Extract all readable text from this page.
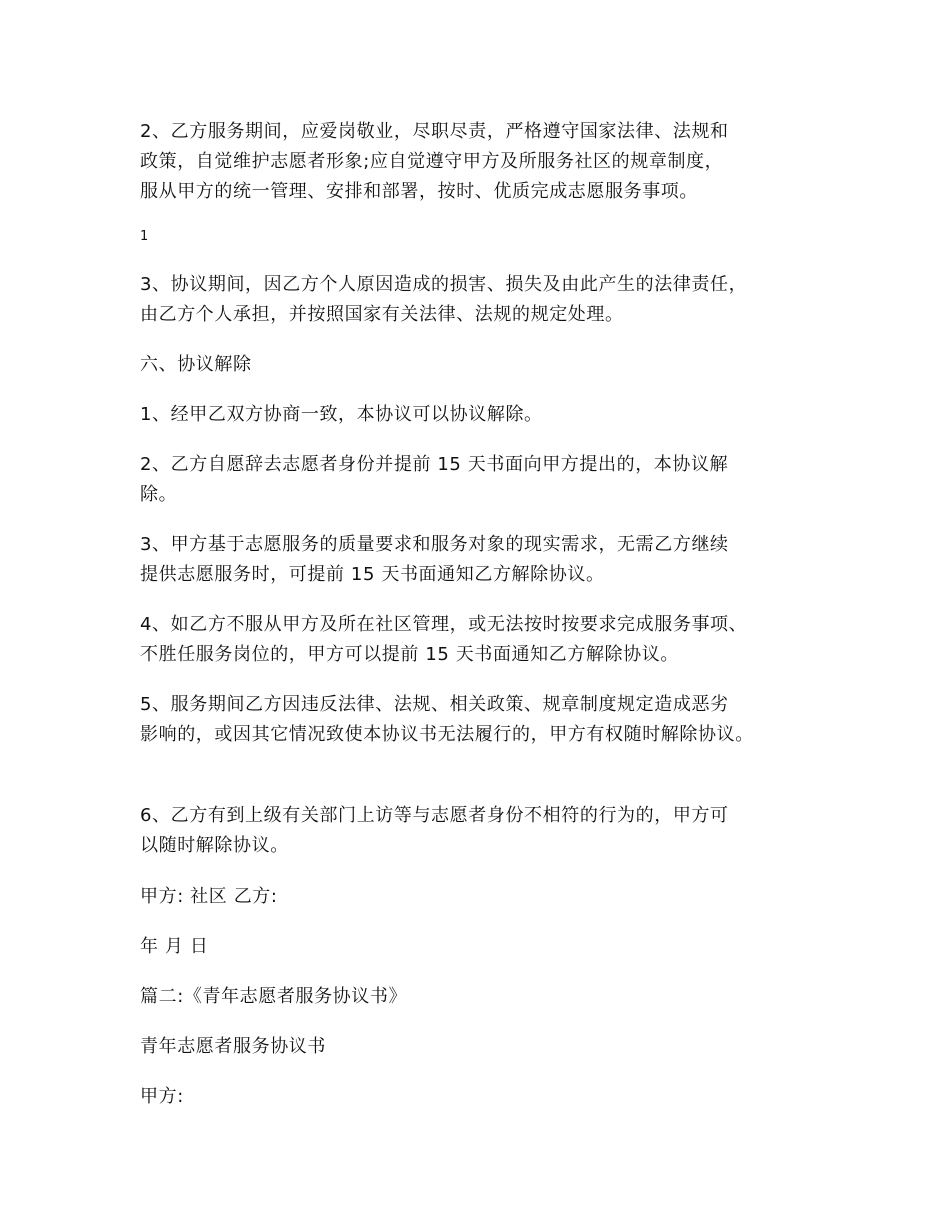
2、乙方服务期间，应爱岗敬业，尽职尽责，严格遵守国家法律、法规和
政策，自觉维护志愿者形象;应自觉遵守甲方及所服务社区的规章制度，
服从甲方的统一管理、安排和部署，按时、优质完成志愿服务事项。
1
3、协议期间，因乙方个人原因造成的损害、损失及由此产生的法律责任，
由乙方个人承担，并按照国家有关法律、法规的规定处理。
六、协议解除
1、经甲乙双方协商一致，本协议可以协议解除。
2、乙方自愿辞去志愿者身份并提前 15 天书面向甲方提出的，本协议解
除。
3、甲方基于志愿服务的质量要求和服务对象的现实需求，无需乙方继续
提供志愿服务时，可提前 15 天书面通知乙方解除协议。
4、如乙方不服从甲方及所在社区管理，或无法按时按要求完成服务事项、
不胜任服务岗位的，甲方可以提前 15 天书面通知乙方解除协议。
5、服务期间乙方因违反法律、法规、相关政策、规章制度规定造成恶劣
影响的，或因其它情况致使本协议书无法履行的，甲方有权随时解除协议。
6、乙方有到上级有关部门上访等与志愿者身份不相符的行为的，甲方可
以随时解除协议。
甲方: 社区 乙方:
年 月 日
篇二:《青年志愿者服务协议书》
青年志愿者服务协议书
甲方:
